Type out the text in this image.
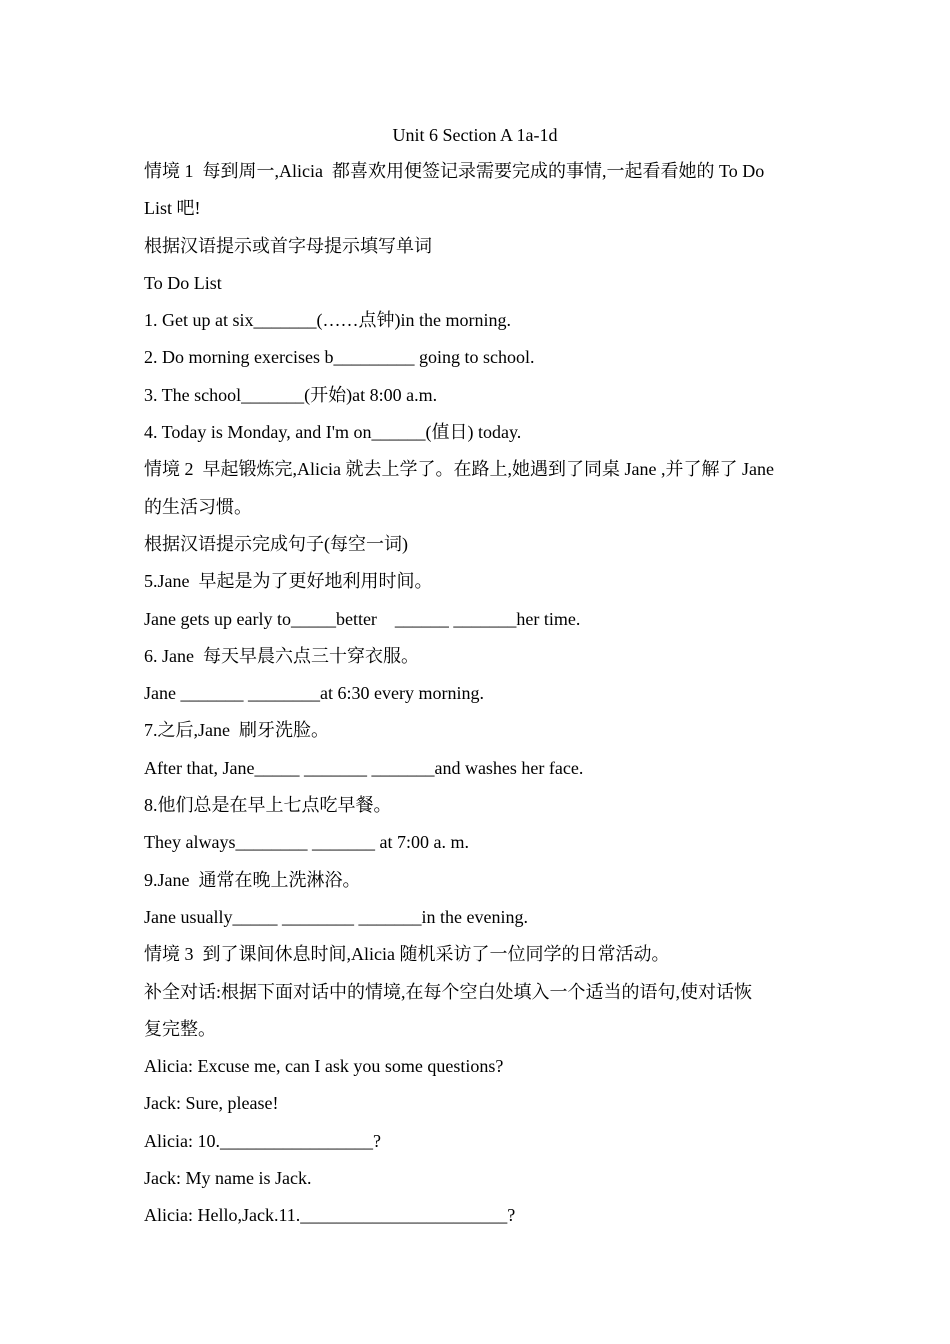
Unit 6 Section A 1a-1d
情境 1  每到周一,Alicia  都喜欢用便签记录需要完成的事情,一起看看她的 To Do
List 吧!
根据汉语提示或首字母提示填写单词
To Do List
1. Get up at six_______(……点钟)in the morning.
2. Do morning exercises b_________ going to school.
3. The school_______(开始)at 8:00 a.m.
4. Today is Monday, and I'm on______(值日) today.
情境 2  早起锻炼完,Alicia 就去上学了。在路上,她遇到了同桌 Jane ,并了解了 Jane
的生活习惯。
根据汉语提示完成句子(每空一词)
5.Jane  早起是为了更好地利用时间。
Jane gets up early to_____better    ______ _______her time.
6. Jane  每天早晨六点三十穿衣服。
Jane _______ ________at 6:30 every morning.
7.之后,Jane  刷牙洗脸。
After that, Jane_____ _______ _______and washes her face.
8.他们总是在早上七点吃早餐。
They always________ _______ at 7:00 a. m.
9.Jane  通常在晚上洗淋浴。
Jane usually_____ ________ _______in the evening.
情境 3  到了课间休息时间,Alicia 随机采访了一位同学的日常活动。
补全对话:根据下面对话中的情境,在每个空白处填入一个适当的语句,使对话恢
复完整。
Alicia: Excuse me, can I ask you some questions?
Jack: Sure, please!
Alicia: 10._________________?
Jack: My name is Jack.
Alicia: Hello,Jack.11._______________________?
